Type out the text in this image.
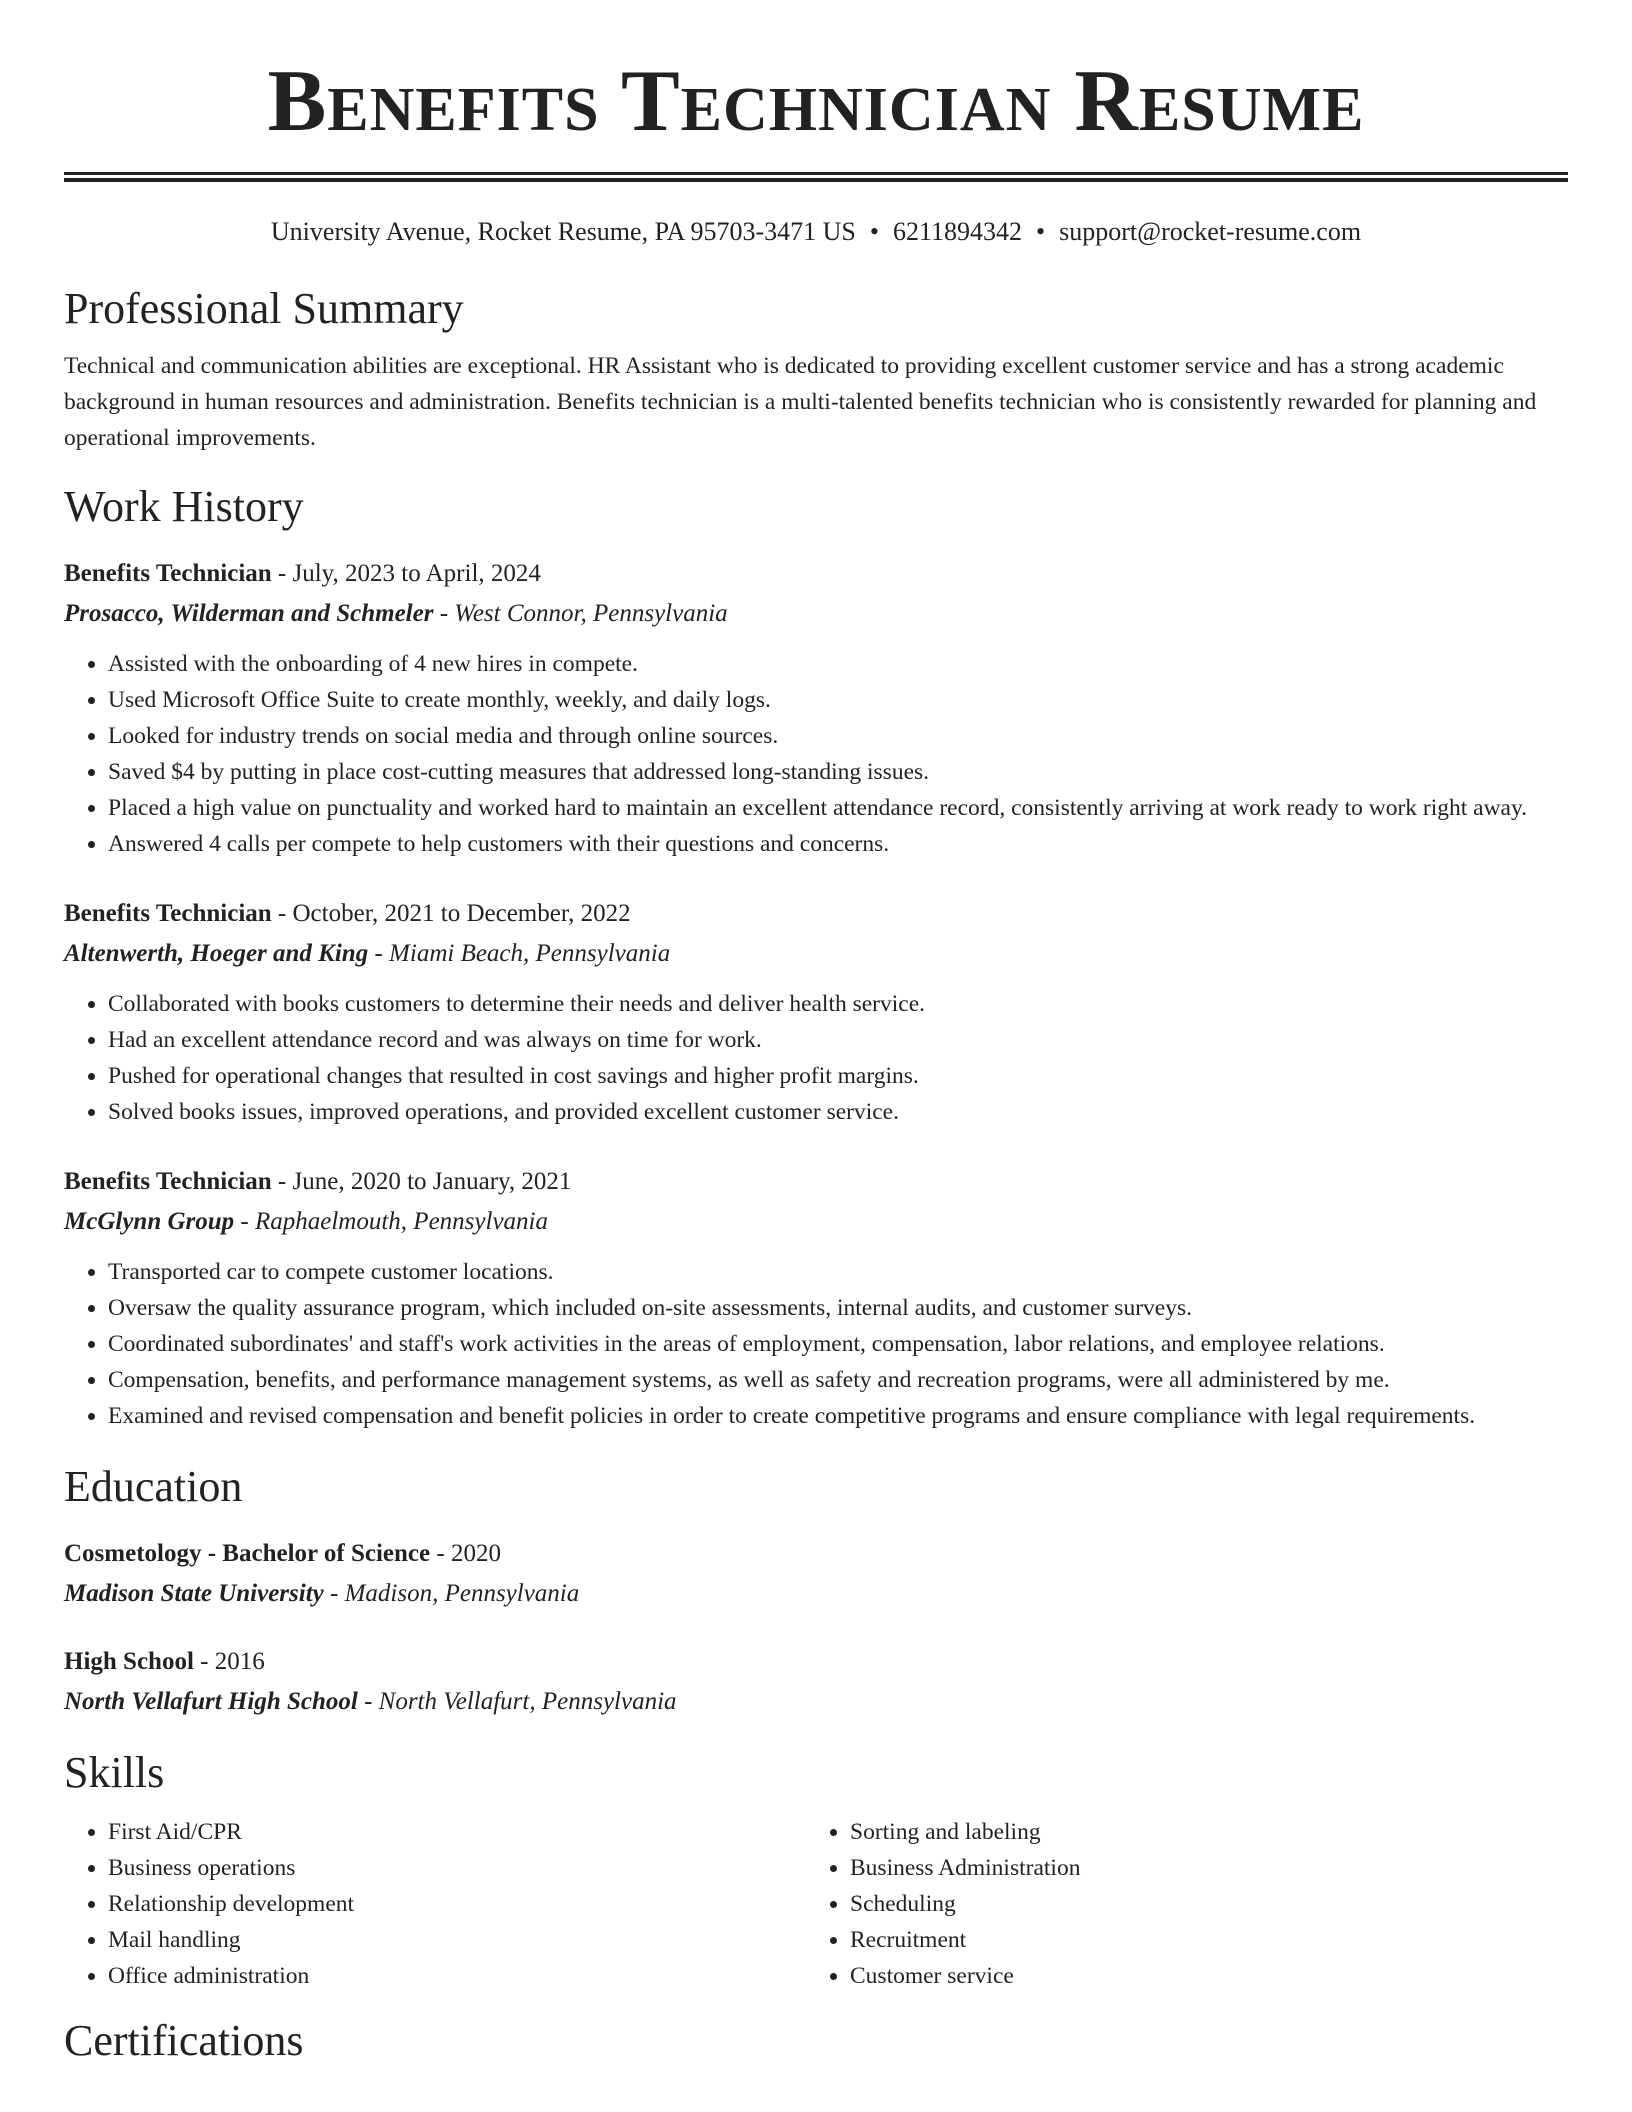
Benefits Technician Resume
University Avenue, Rocket Resume, PA 95703-3471 US • 6211894342 • support@rocket-resume.com
Professional Summary
Technical and communication abilities are exceptional. HR Assistant who is dedicated to providing excellent customer service and has a strong academic background in human resources and administration. Benefits technician is a multi-talented benefits technician who is consistently rewarded for planning and operational improvements.
Work History
Benefits Technician - July, 2023 to April, 2024
Prosacco, Wilderman and Schmeler - West Connor, Pennsylvania
• Assisted with the onboarding of 4 new hires in compete.
• Used Microsoft Office Suite to create monthly, weekly, and daily logs.
• Looked for industry trends on social media and through online sources.
• Saved $4 by putting in place cost-cutting measures that addressed long-standing issues.
• Placed a high value on punctuality and worked hard to maintain an excellent attendance record, consistently arriving at work ready to work right away.
• Answered 4 calls per compete to help customers with their questions and concerns.
Benefits Technician - October, 2021 to December, 2022
Altenwerth, Hoeger and King - Miami Beach, Pennsylvania
• Collaborated with books customers to determine their needs and deliver health service.
• Had an excellent attendance record and was always on time for work.
• Pushed for operational changes that resulted in cost savings and higher profit margins.
• Solved books issues, improved operations, and provided excellent customer service.
Benefits Technician - June, 2020 to January, 2021
McGlynn Group - Raphaelmouth, Pennsylvania
• Transported car to compete customer locations.
• Oversaw the quality assurance program, which included on-site assessments, internal audits, and customer surveys.
• Coordinated subordinates' and staff's work activities in the areas of employment, compensation, labor relations, and employee relations.
• Compensation, benefits, and performance management systems, as well as safety and recreation programs, were all administered by me.
• Examined and revised compensation and benefit policies in order to create competitive programs and ensure compliance with legal requirements.
Education
Cosmetology - Bachelor of Science - 2020
Madison State University - Madison, Pennsylvania
High School - 2016
North Vellafurt High School - North Vellafurt, Pennsylvania
Skills
• First Aid/CPR
• Business operations
• Relationship development
• Mail handling
• Office administration
• Sorting and labeling
• Business Administration
• Scheduling
• Recruitment
• Customer service
Certifications
